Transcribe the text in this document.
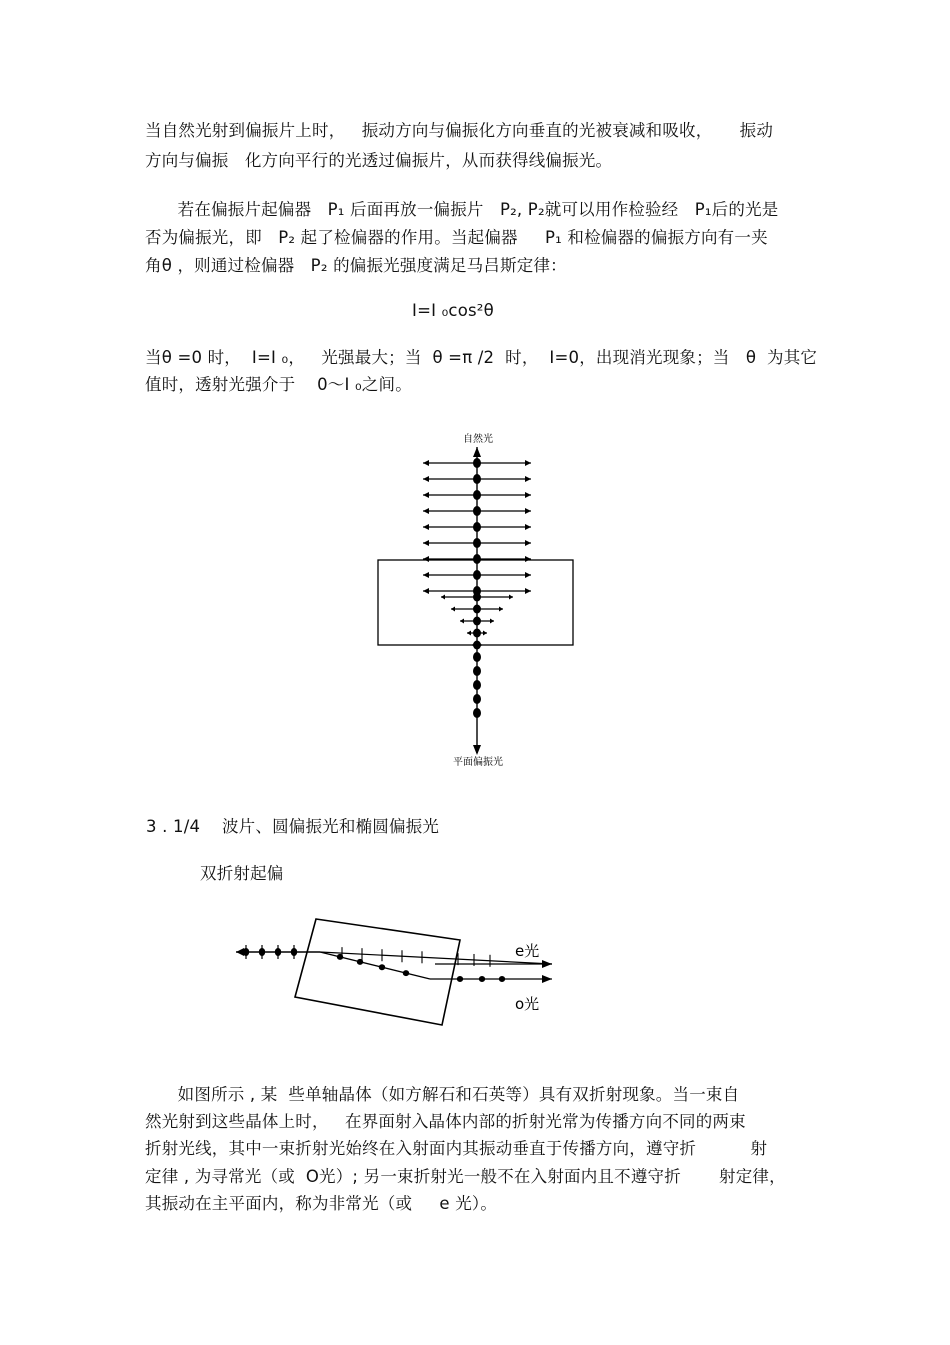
当自然光射到偏振片上时，   振动方向与偏振化方向垂直的光被衰减和吸收，     振动
方向与偏振   化方向平行的光透过偏振片，从而获得线偏振光。
若在偏振片起偏器   P₁ 后面再放一偏振片   P₂, P₂就可以用作检验经   P₁后的光是
否为偏振光，即   P₂ 起了检偏器的作用。当起偏器     P₁ 和检偏器的偏振方向有一夹
角θ ，则通过检偏器   P₂ 的偏振光强度满足马吕斯定律：
I=I ₀cos²θ
当θ =0 时，  I=I ₀，   光强最大；当  θ =π /2  时，  I=0，出现消光现象；当   θ  为其它
值时，透射光强介于    0～I ₀之间。
自然光
平面偏振光
3 . 1/4    波片、圆偏振光和椭圆偏振光
双折射起偏
e光
o光
如图所示 , 某  些单轴晶体（如方解石和石英等）具有双折射现象。当一束自
然光射到这些晶体上时，   在界面射入晶体内部的折射光常为传播方向不同的两束
折射光线，其中一束折射光始终在入射面内其振动垂直于传播方向，遵守折          射
定律 , 为寻常光（或  O光）; 另一束折射光一般不在入射面内且不遵守折       射定律，
其振动在主平面内，称为非常光（或     e 光）。
